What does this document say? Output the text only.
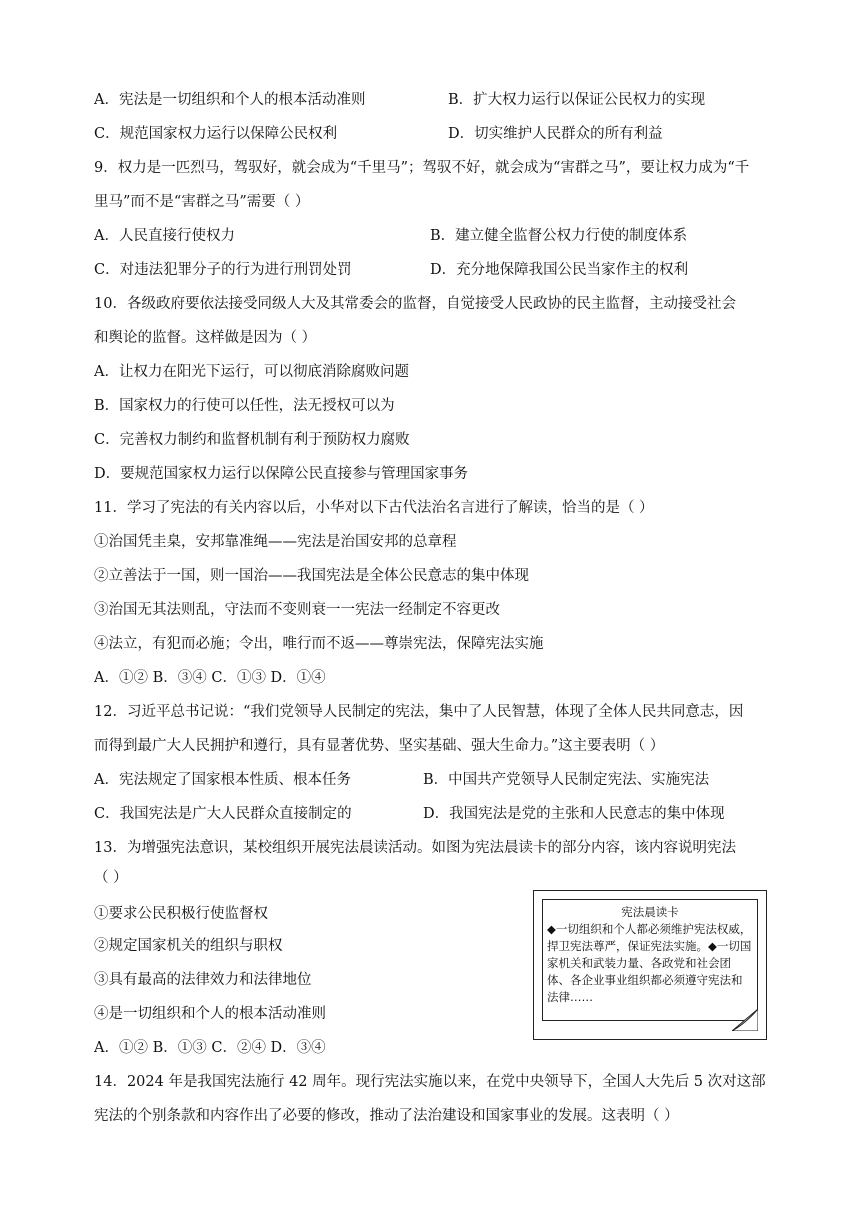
A．宪法是一切组织和个人的根本活动准则	B．扩大权力运行以保证公民权力的实现
C．规范国家权力运行以保障公民权利	D．切实维护人民群众的所有利益
9．权力是一匹烈马，驾驭好，就会成为“千里马”；驾驭不好，就会成为“害群之马”，要让权力成为“千
里马”而不是“害群之马”需要（ ）
A．人民直接行使权力	B．建立健全监督公权力行使的制度体系
C．对违法犯罪分子的行为进行刑罚处罚	D．充分地保障我国公民当家作主的权利
10．各级政府要依法接受同级人大及其常委会的监督，自觉接受人民政协的民主监督，主动接受社会
和舆论的监督。这样做是因为（ ）
A．让权力在阳光下运行，可以彻底消除腐败问题
B．国家权力的行使可以任性，法无授权可以为
C．完善权力制约和监督机制有利于预防权力腐败
D．要规范国家权力运行以保障公民直接参与管理国家事务
11．学习了宪法的有关内容以后，小华对以下古代法治名言进行了解读，恰当的是（ ）
①治国凭圭臬，安邦靠准绳——宪法是治国安邦的总章程
②立善法于一国，则一国治——我国宪法是全体公民意志的集中体现
③治国无其法则乱，守法而不变则衰一一宪法一经制定不容更改
④法立，有犯而必施；令出，唯行而不返——尊崇宪法，保障宪法实施
A．①② B．③④ C．①③ D．①④
12．习近平总书记说：“我们党领导人民制定的宪法，集中了人民智慧，体现了全体人民共同意志，因
而得到最广大人民拥护和遵行，具有显著优势、坚实基础、强大生命力。”这主要表明（ ）
A．宪法规定了国家根本性质、根本任务	B．中国共产党领导人民制定宪法、实施宪法
C．我国宪法是广大人民群众直接制定的	D．我国宪法是党的主张和人民意志的集中体现
13．为增强宪法意识，某校组织开展宪法晨读活动。如图为宪法晨读卡的部分内容，该内容说明宪法
（ ）
①要求公民积极行使监督权
②规定国家机关的组织与职权
③具有最高的法律效力和法律地位
④是一切组织和个人的根本活动准则
A．①② B．①③ C．②④ D．③④
宪法晨读卡
◆一切组织和个人都必须维护宪法权威，捍卫宪法尊严，保证宪法实施。◆一切国家机关和武装力量、各政党和社会团体、各企业事业组织都必须遵守宪法和法律……
14．2024 年是我国宪法施行 42 周年。现行宪法实施以来，在党中央领导下，全国人大先后 5 次对这部
宪法的个别条款和内容作出了必要的修改，推动了法治建设和国家事业的发展。这表明（ ）
